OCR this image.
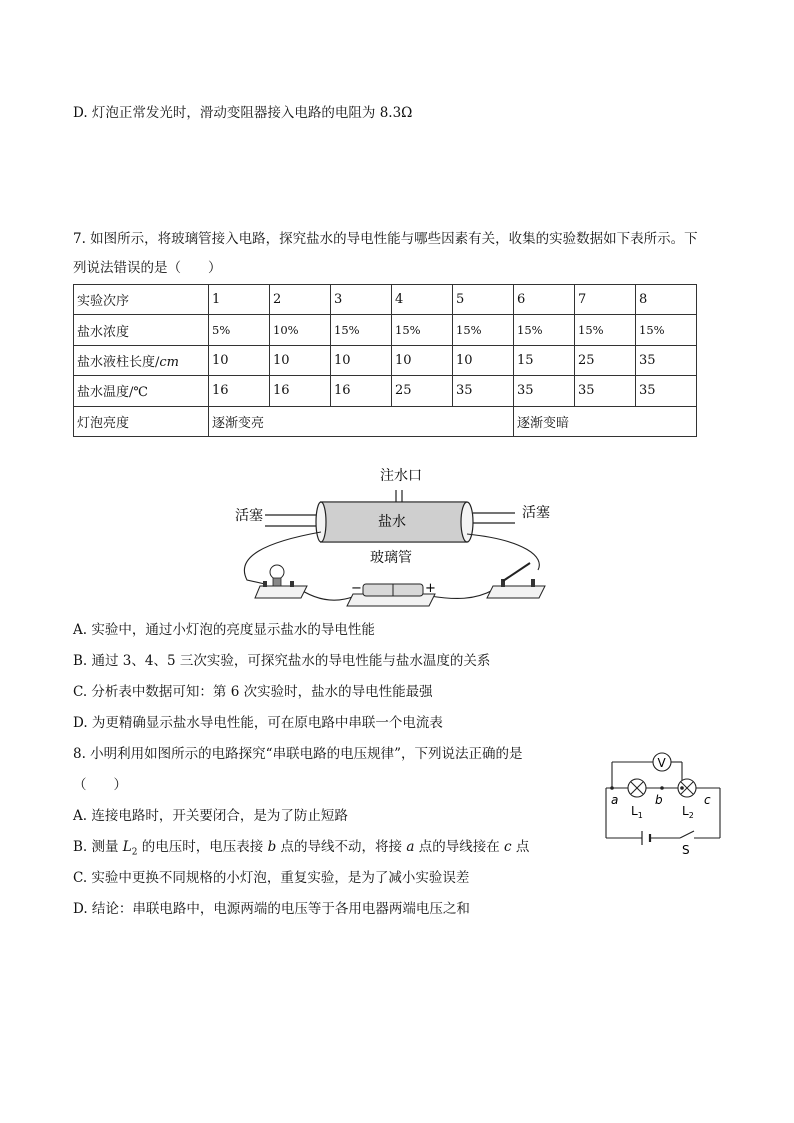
D. 灯泡正常发光时，滑动变阻器接入电路的电阻为 8.3Ω
7. 如图所示，将玻璃管接入电路，探究盐水的导电性能与哪些因素有关，收集的实验数据如下表所示。下
列说法错误的是（　　）
实验次序	1	2	3	4	5	6	7	8
盐水浓度	5%	10%	15%	15%	15%	15%	15%	15%
盐水液柱长度/cm	10	10	10	10	10	15	25	35
盐水温度/℃	16	16	16	25	35	35	35	35
灯泡亮度	逐渐变亮					逐渐变暗		
−	+
注水口
活塞	活塞
盐水
玻璃管
A. 实验中，通过小灯泡的亮度显示盐水的导电性能
B. 通过 3、4、5 三次实验，可探究盐水的导电性能与盐水温度的关系
C. 分析表中数据可知：第 6 次实验时，盐水的导电性能最强
D. 为更精确显示盐水导电性能，可在原电路中串联一个电流表
8. 小明利用如图所示的电路探究“串联电路的电压规律”，下列说法正确的是
（　　）
A. 连接电路时，开关要闭合，是为了防止短路
B. 测量 $L_2$ 的电压时，电压表接 b 点的导线不动，将接 a 点的导线接在 c 点
C. 实验中更换不同规格的小灯泡，重复实验，是为了减小实验误差
D. 结论：串联电路中，电源两端的电压等于各用电器两端电压之和
V
a	b	c
$L_1$	$L_2$
S
